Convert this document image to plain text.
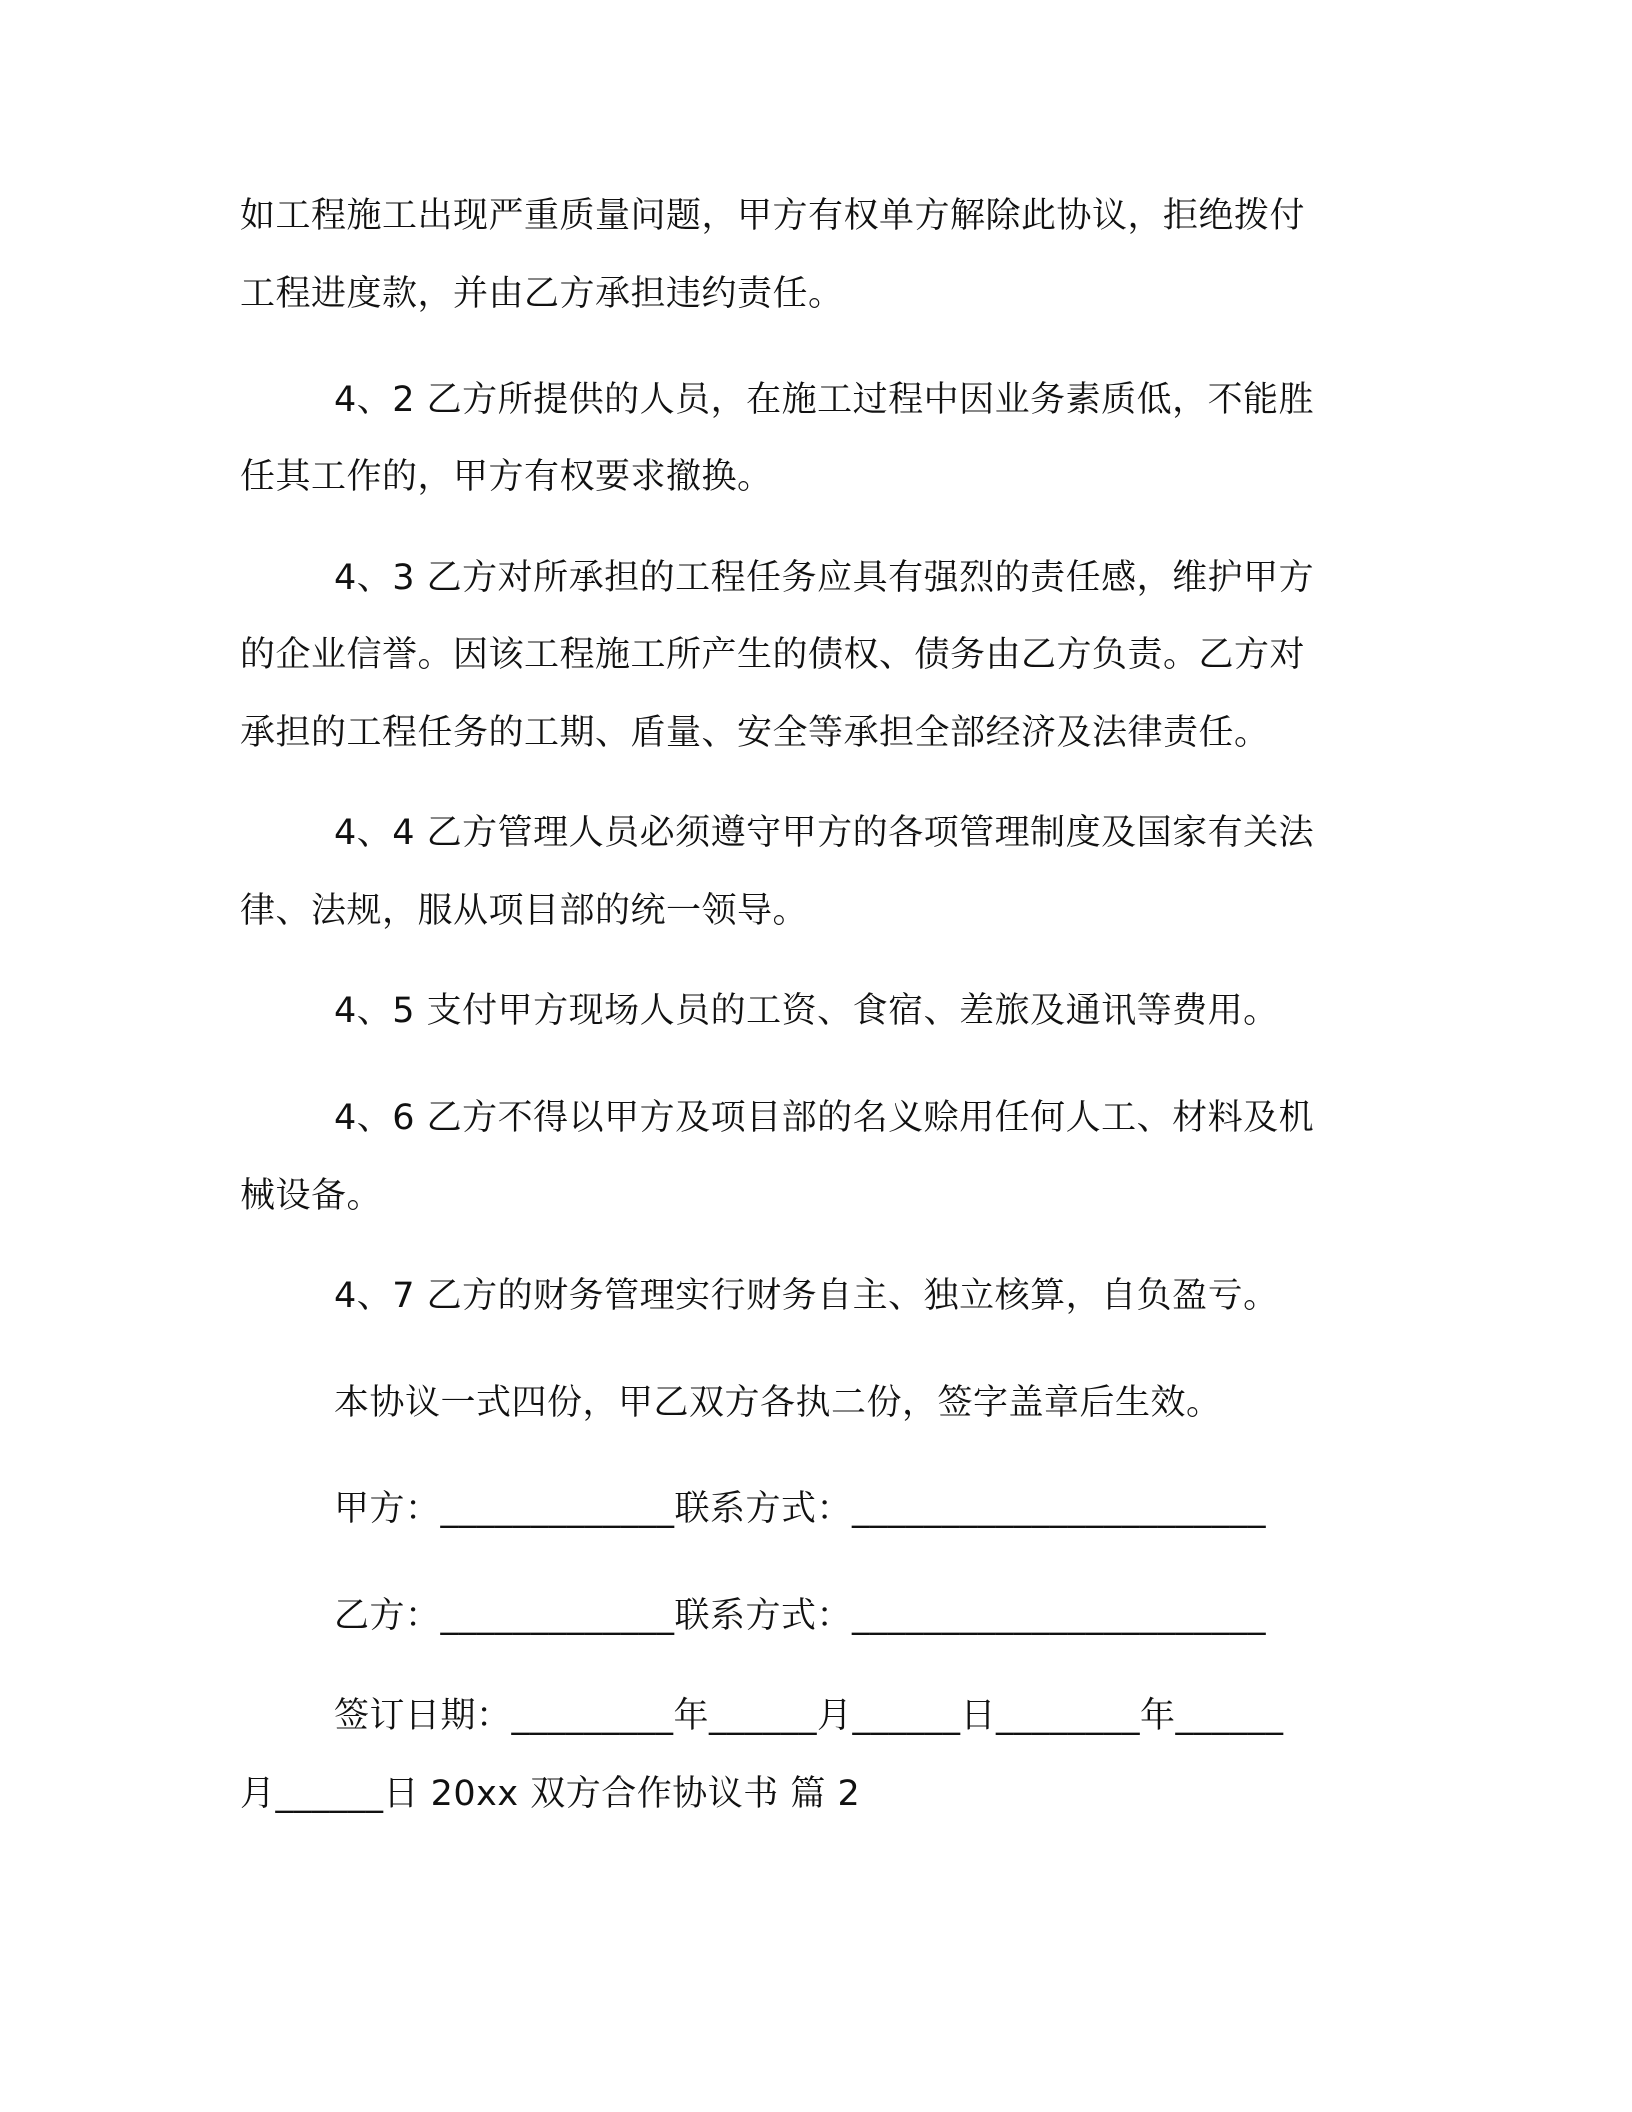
如工程施工出现严重质量问题，甲方有权单方解除此协议，拒绝拨付
工程进度款，并由乙方承担违约责任。
4、2 乙方所提供的人员，在施工过程中因业务素质低，不能胜
任其工作的，甲方有权要求撤换。
4、3 乙方对所承担的工程任务应具有强烈的责任感，维护甲方
的企业信誉。因该工程施工所产生的债权、债务由乙方负责。乙方对
承担的工程任务的工期、盾量、安全等承担全部经济及法律责任。
4、4 乙方管理人员必须遵守甲方的各项管理制度及国家有关法
律、法规，服从项目部的统一领导。
4、5 支付甲方现场人员的工资、食宿、差旅及通讯等费用。
4、6 乙方不得以甲方及项目部的名义赊用任何人工、材料及机
械设备。
4、7 乙方的财务管理实行财务自主、独立核算，自负盈亏。
本协议一式四份，甲乙双方各执二份，签字盖章后生效。
甲方：_____________联系方式：_______________________
乙方：_____________联系方式：_______________________
签订日期：_________年______月______日________年______
月______日 20xx 双方合作协议书 篇 2
